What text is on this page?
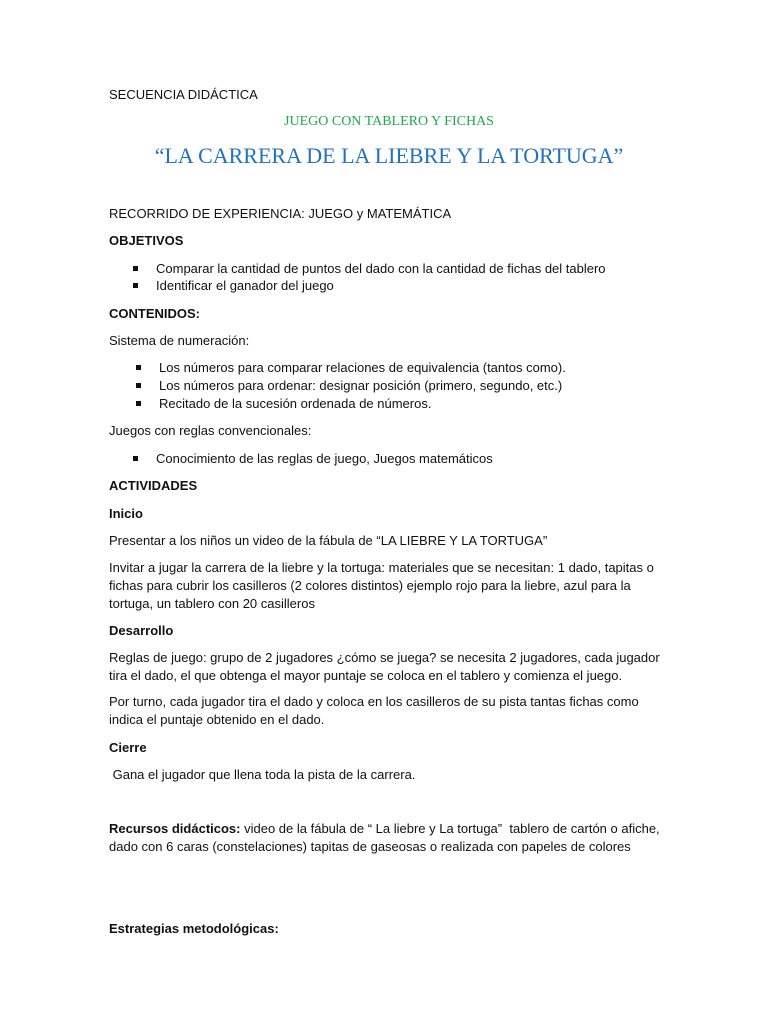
SECUENCIA DIDÁCTICA
JUEGO CON TABLERO Y FICHAS
“LA CARRERA DE LA LIEBRE Y LA TORTUGA”
RECORRIDO DE EXPERIENCIA: JUEGO y MATEMÁTICA
OBJETIVOS
Comparar la cantidad de puntos del dado con la cantidad de fichas del tablero
Identificar el ganador del juego
CONTENIDOS:
Sistema de numeración:
Los números para comparar relaciones de equivalencia (tantos como).
Los números para ordenar: designar posición (primero, segundo, etc.)
Recitado de la sucesión ordenada de números.
Juegos con reglas convencionales:
Conocimiento de las reglas de juego, Juegos matemáticos
ACTIVIDADES
Inicio
Presentar a los niños un video de la fábula de “LA LIEBRE Y LA TORTUGA”
Invitar a jugar la carrera de la liebre y la tortuga: materiales que se necesitan: 1 dado, tapitas o fichas para cubrir los casilleros (2 colores distintos) ejemplo rojo para la liebre, azul para la tortuga, un tablero con 20 casilleros
Desarrollo
Reglas de juego: grupo de 2 jugadores ¿cómo se juega? se necesita 2 jugadores, cada jugador tira el dado, el que obtenga el mayor puntaje se coloca en el tablero y comienza el juego.
Por turno, cada jugador tira el dado y coloca en los casilleros de su pista tantas fichas como indica el puntaje obtenido en el dado.
Cierre
Gana el jugador que llena toda la pista de la carrera.
Recursos didácticos: video de la fábula de “ La liebre y La tortuga”  tablero de cartón o afiche, dado con 6 caras (constelaciones) tapitas de gaseosas o realizada con papeles de colores
Estrategias metodológicas:
